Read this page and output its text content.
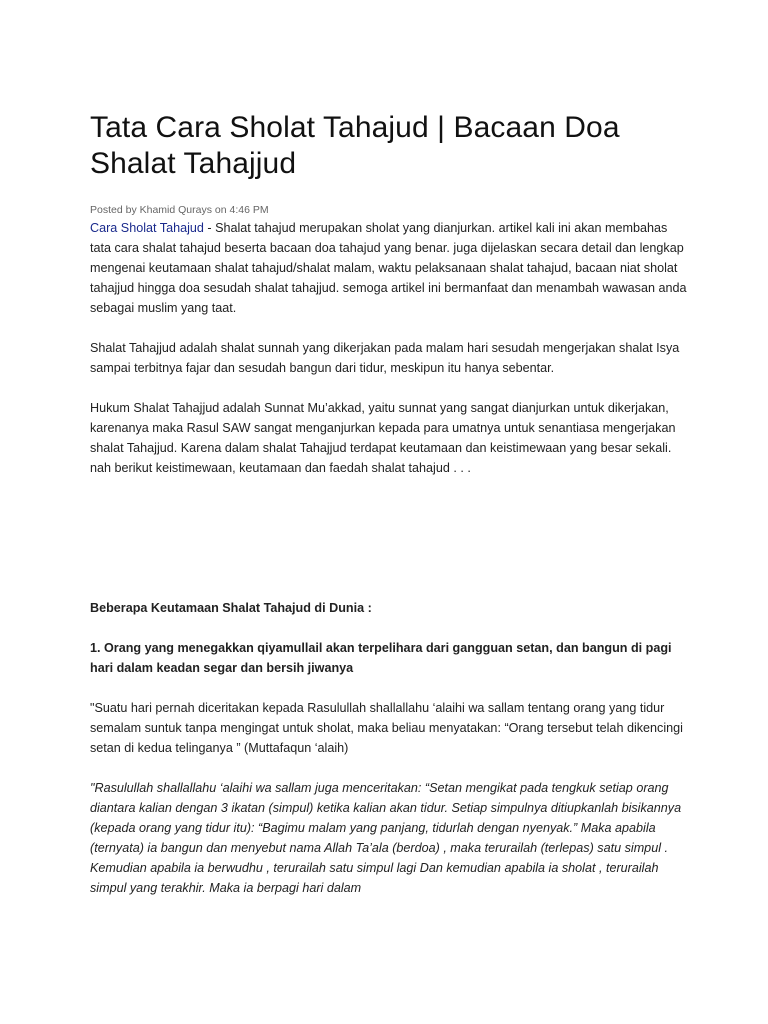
Tata Cara Sholat Tahajud | Bacaan Doa Shalat Tahajjud
Posted by Khamid Qurays on 4:46 PM

Cara Sholat Tahajud - Shalat tahajud merupakan sholat yang dianjurkan. artikel kali ini akan membahas tata cara shalat tahajud beserta bacaan doa tahajud yang benar. juga dijelaskan secara detail dan lengkap mengenai keutamaan shalat tahajud/shalat malam, waktu pelaksanaan shalat tahajud, bacaan niat sholat tahajjud hingga doa sesudah shalat tahajjud. semoga artikel ini bermanfaat dan menambah wawasan anda sebagai muslim yang taat.

Shalat Tahajjud adalah shalat sunnah yang dikerjakan pada malam hari sesudah mengerjakan shalat Isya sampai terbitnya fajar dan sesudah bangun dari tidur, meskipun itu hanya sebentar.

Hukum Shalat Tahajjud adalah Sunnat Mu’akkad, yaitu sunnat yang sangat dianjurkan untuk dikerjakan, karenanya maka Rasul SAW sangat menganjurkan kepada para umatnya untuk senantiasa mengerjakan shalat Tahajjud. Karena dalam shalat Tahajjud terdapat keutamaan dan keistimewaan yang besar sekali. nah berikut keistimewaan, keutamaan dan faedah shalat tahajud . . .

Beberapa Keutamaan Shalat Tahajud di Dunia :

1. Orang yang menegakkan qiyamullail akan terpelihara dari gangguan setan, dan bangun di pagi hari dalam keadan segar dan bersih jiwanya

"Suatu hari pernah diceritakan kepada Rasulullah shallallahu ‘alaihi wa sallam tentang orang yang tidur semalam suntuk tanpa mengingat untuk sholat, maka beliau menyatakan: “Orang tersebut telah dikencingi setan di kedua telinganya ” (Muttafaqun ‘alaih)

"Rasulullah shallallahu ‘alaihi wa sallam juga menceritakan: “Setan mengikat pada tengkuk setiap orang diantara kalian dengan 3 ikatan (simpul) ketika kalian akan tidur. Setiap simpulnya ditiupkanlah bisikannya (kepada orang yang tidur itu): “Bagimu malam yang panjang, tidurlah dengan nyenyak.” Maka apabila (ternyata) ia bangun dan menyebut nama Allah Ta’ala (berdoa) , maka terurailah (terlepas) satu simpul . Kemudian apabila ia berwudhu , terurailah satu simpul lagi Dan kemudian apabila ia sholat , terurailah simpul yang terakhir. Maka ia berpagi hari dalam
